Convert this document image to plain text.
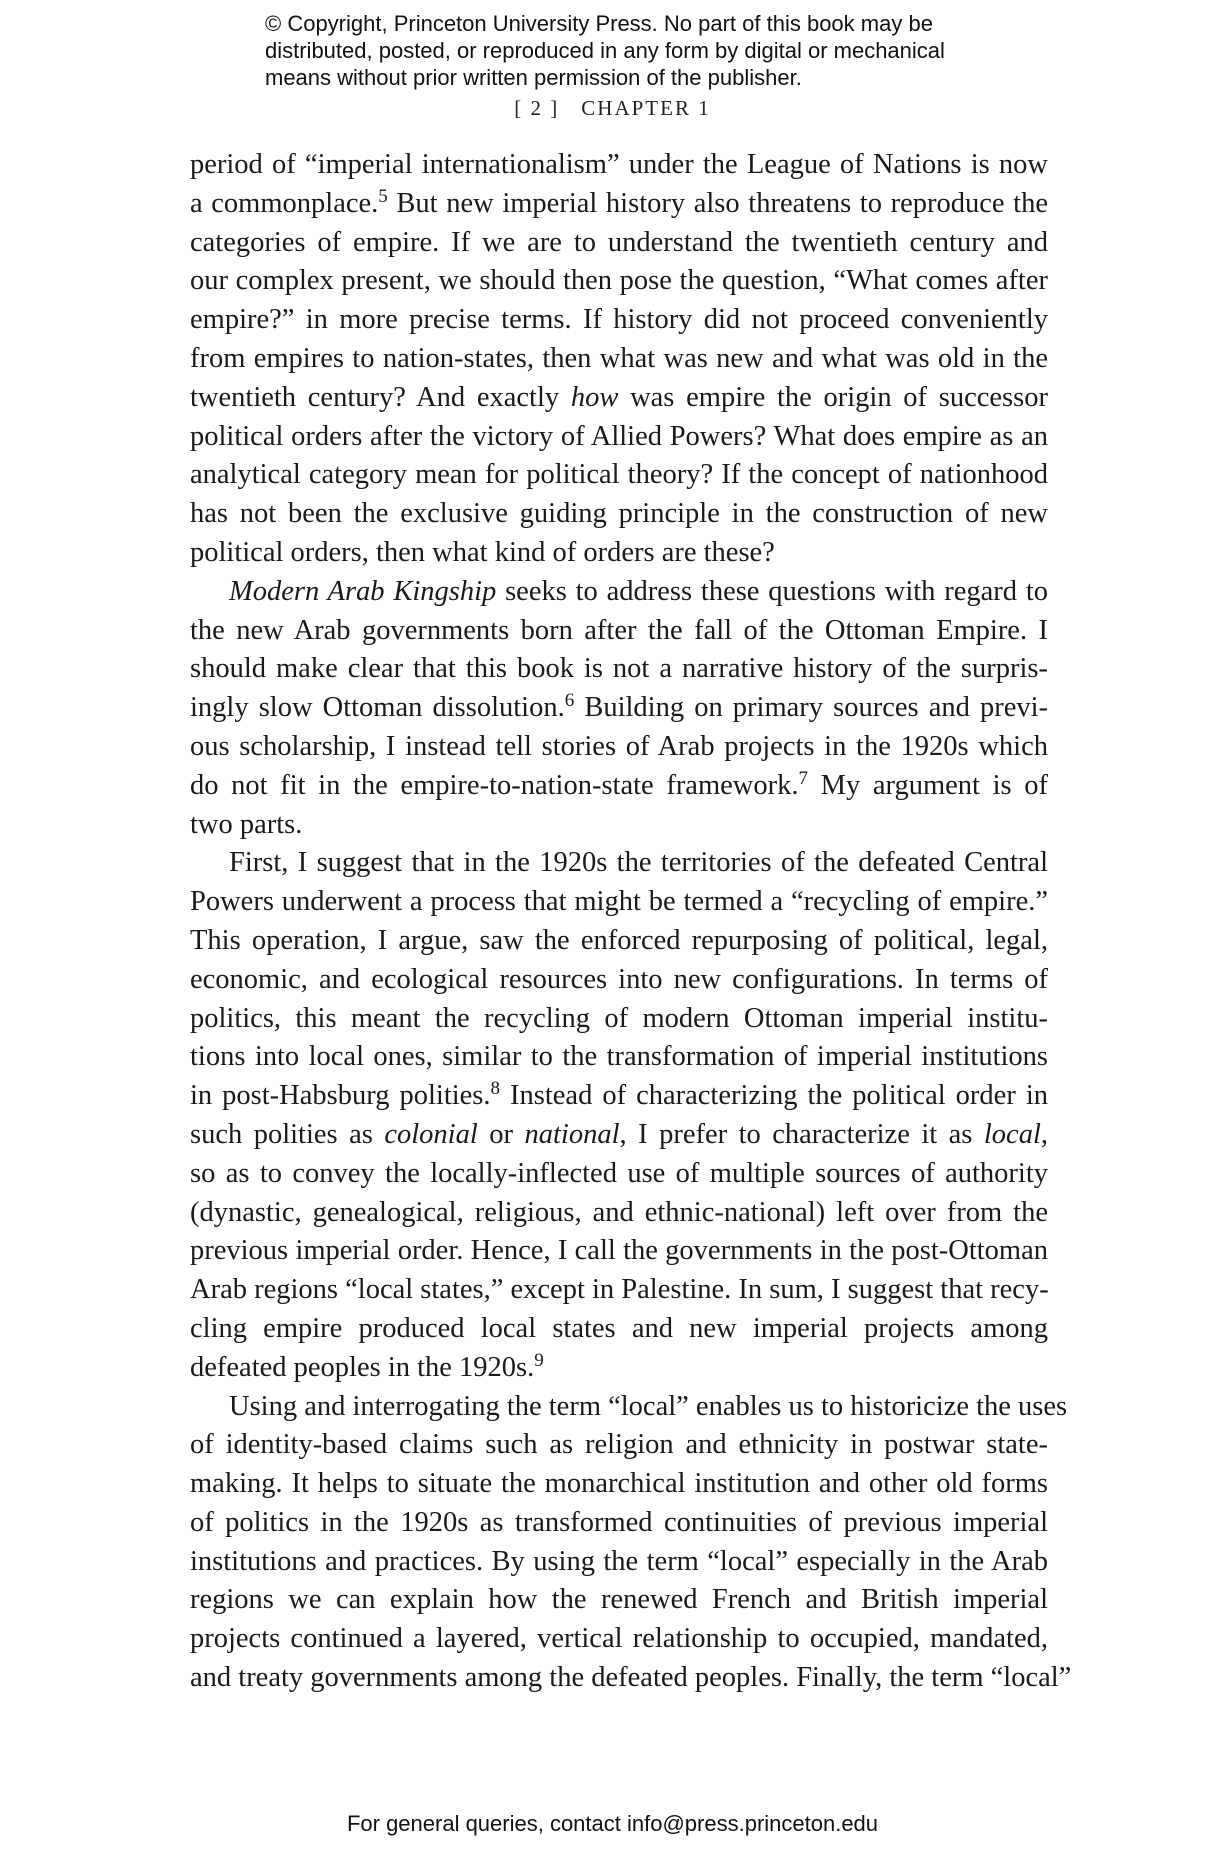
© Copyright, Princeton University Press. No part of this book may be
distributed, posted, or reproduced in any form by digital or mechanical
means without prior written permission of the publisher.
[ 2 ] CHAPTER 1
period of “imperial internationalism” under the League of Nations is now
a commonplace.$^5$ But new imperial history also threatens to reproduce the
categories of empire. If we are to understand the twentieth century and
our complex present, we should then pose the question, “What comes after
empire?” in more precise terms. If history did not proceed conveniently
from empires to nation-states, then what was new and what was old in the
twentieth century? And exactly how was empire the origin of successor
political orders after the victory of Allied Powers? What does empire as an
analytical category mean for political theory? If the concept of nationhood
has not been the exclusive guiding principle in the construction of new
political orders, then what kind of orders are these?
Modern Arab Kingship seeks to address these questions with regard to
the new Arab governments born after the fall of the Ottoman Empire. I
should make clear that this book is not a narrative history of the surpris-
ingly slow Ottoman dissolution.$^6$ Building on primary sources and previ-
ous scholarship, I instead tell stories of Arab projects in the 1920s which
do not fit in the empire-to-nation-state framework.$^7$ My argument is of
two parts.
First, I suggest that in the 1920s the territories of the defeated Central
Powers underwent a process that might be termed a “recycling of empire.”
This operation, I argue, saw the enforced repurposing of political, legal,
economic, and ecological resources into new configurations. In terms of
politics, this meant the recycling of modern Ottoman imperial institu-
tions into local ones, similar to the transformation of imperial institutions
in post-Habsburg polities.$^8$ Instead of characterizing the political order in
such polities as colonial or national, I prefer to characterize it as local,
so as to convey the locally-inflected use of multiple sources of authority
(dynastic, genealogical, religious, and ethnic-national) left over from the
previous imperial order. Hence, I call the governments in the post-Ottoman
Arab regions “local states,” except in Palestine. In sum, I suggest that recy-
cling empire produced local states and new imperial projects among
defeated peoples in the 1920s.$^9$
Using and interrogating the term “local” enables us to historicize the uses
of identity-based claims such as religion and ethnicity in postwar state-
making. It helps to situate the monarchical institution and other old forms
of politics in the 1920s as transformed continuities of previous imperial
institutions and practices. By using the term “local” especially in the Arab
regions we can explain how the renewed French and British imperial
projects continued a layered, vertical relationship to occupied, mandated,
and treaty governments among the defeated peoples. Finally, the term “local”
For general queries, contact info@press.princeton.edu
